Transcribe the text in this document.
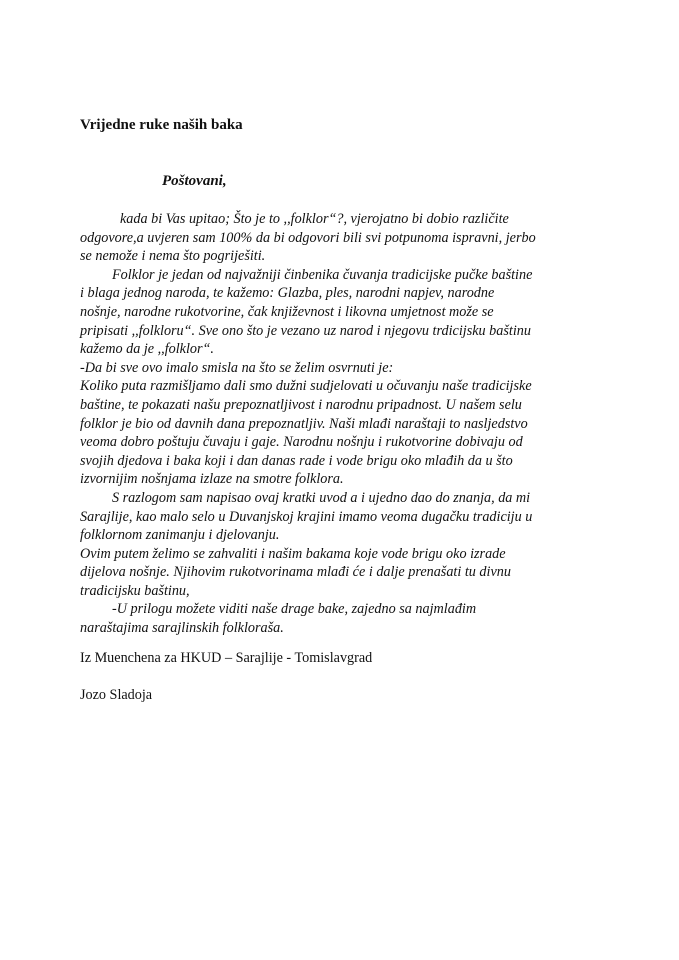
Vrijedne ruke naših baka
Poštovani,
kada bi Vas upitao; Što je to ,,folklor“?, vjerojatno bi dobio različite
odgovore,a uvjeren sam 100% da bi odgovori bili svi potpunoma ispravni, jerbo
se nemože i nema što pogriješiti.
Folklor je jedan od najvažniji činbenika čuvanja tradicijske pučke baštine
i blaga jednog naroda, te kažemo: Glazba, ples, narodni napjev, narodne
nošnje, narodne rukotvorine, čak književnost i likovna umjetnost može se
pripisati ,,folkloru“. Sve ono što je vezano uz narod i njegovu trdicijsku baštinu
kažemo da je ,,folklor“.
-Da bi sve ovo imalo smisla na što se želim osvrnuti je:
Koliko puta razmišljamo dali smo dužni sudjelovati u očuvanju naše tradicijske
baštine, te pokazati našu prepoznatljivost i narodnu pripadnost. U našem selu
folklor je bio od davnih dana prepoznatljiv. Naši mlađi naraštaji to nasljedstvo
veoma dobro poštuju čuvaju i gaje. Narodnu nošnju i rukotvorine dobivaju od
svojih djedova i baka koji i dan danas rade i vode brigu oko mlađih da u što
izvornijim nošnjama izlaze na smotre folklora.
S razlogom sam napisao ovaj kratki uvod a i ujedno dao do znanja, da mi
Sarajlije, kao malo selo u Duvanjskoj krajini imamo veoma dugačku tradiciju u
folklornom zanimanju i djelovanju.
Ovim putem želimo se zahvaliti i našim bakama koje vode brigu oko izrade
dijelova nošnje. Njihovim rukotvorinama mlađi će i dalje prenašati tu divnu
tradicijsku baštinu,
-U prilogu možete viditi naše drage bake, zajedno sa najmlađim
naraštajima sarajlinskih folkloraša.
Iz Muenchena za HKUD – Sarajlije - Tomislavgrad
Jozo Sladoja
